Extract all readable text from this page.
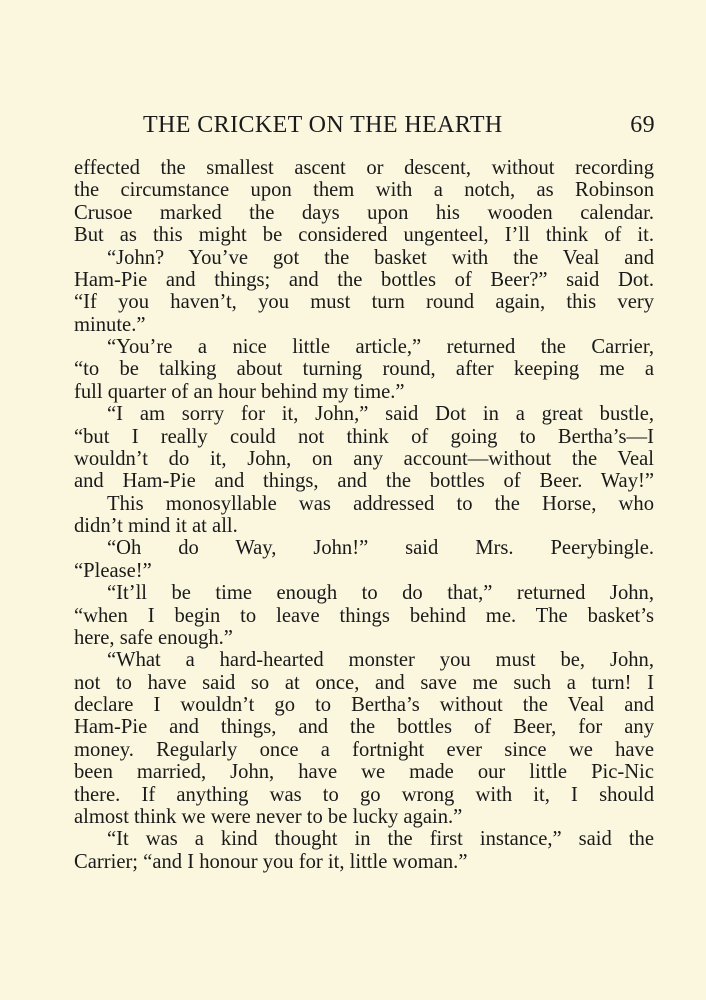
THE CRICKET ON THE HEARTH	69
effected the smallest ascent or descent, without recording
the circumstance upon them with a notch, as Robinson
Crusoe marked the days upon his wooden calendar.
But as this might be considered ungenteel, I’ll think of it.
“John? You’ve got the basket with the Veal and
Ham-Pie and things; and the bottles of Beer?” said Dot.
“If you haven’t, you must turn round again, this very
minute.”
“You’re a nice little article,” returned the Carrier,
“to be talking about turning round, after keeping me a
full quarter of an hour behind my time.”
“I am sorry for it, John,” said Dot in a great bustle,
“but I really could not think of going to Bertha’s—I
wouldn’t do it, John, on any account—without the Veal
and Ham-Pie and things, and the bottles of Beer. Way!”
This monosyllable was addressed to the Horse, who
didn’t mind it at all.
“Oh do Way, John!” said Mrs. Peerybingle.
“Please!”
“It’ll be time enough to do that,” returned John,
“when I begin to leave things behind me. The basket’s
here, safe enough.”
“What a hard-hearted monster you must be, John,
not to have said so at once, and save me such a turn! I
declare I wouldn’t go to Bertha’s without the Veal and
Ham-Pie and things, and the bottles of Beer, for any
money. Regularly once a fortnight ever since we have
been married, John, have we made our little Pic-Nic
there. If anything was to go wrong with it, I should
almost think we were never to be lucky again.”
“It was a kind thought in the first instance,” said the
Carrier; “and I honour you for it, little woman.”
